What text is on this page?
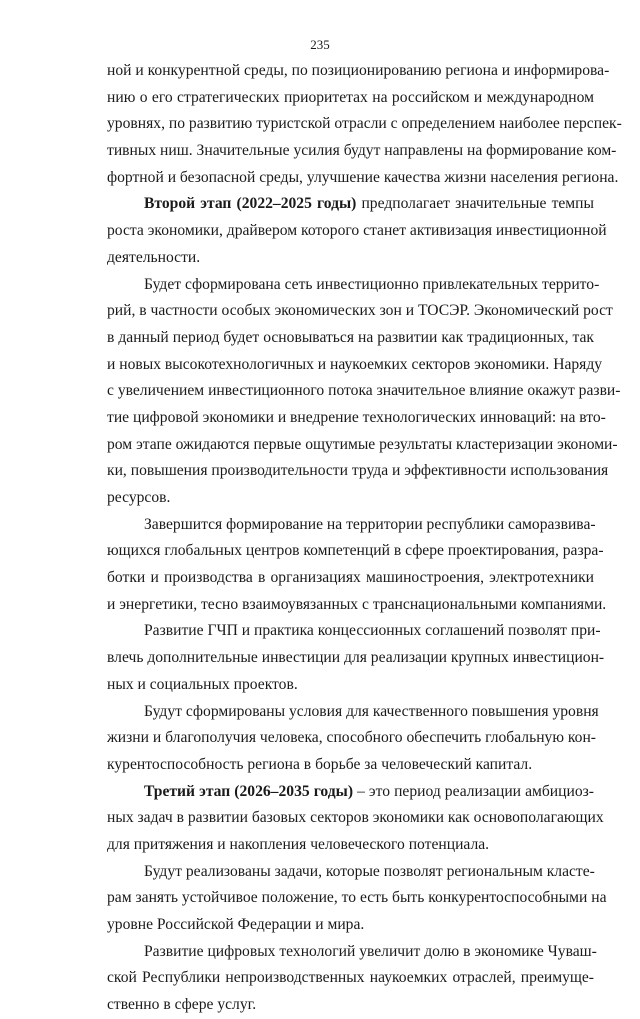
235
ной и конкурентной среды, по позиционированию региона и информирова-
нию о его стратегических приоритетах на российском и международном
уровнях, по развитию туристской отрасли с определением наиболее перспек-
тивных ниш. Значительные усилия будут направлены на формирование ком-
фортной и безопасной среды, улучшение качества жизни населения региона.
Второй этап (2022–2025 годы) предполагает значительные темпы
роста экономики, драйвером которого станет активизация инвестиционной
деятельности.
Будет сформирована сеть инвестиционно привлекательных террито-
рий, в частности особых экономических зон и ТОСЭР. Экономический рост
в данный период будет основываться на развитии как традиционных, так
и новых высокотехнологичных и наукоемких секторов экономики. Наряду
с увеличением инвестиционного потока значительное влияние окажут разви-
тие цифровой экономики и внедрение технологических инноваций: на вто-
ром этапе ожидаются первые ощутимые результаты кластеризации экономи-
ки, повышения производительности труда и эффективности использования
ресурсов.
Завершится формирование на территории республики саморазвива-
ющихся глобальных центров компетенций в сфере проектирования, разра-
ботки и производства в организациях машиностроения, электротехники
и энергетики, тесно взаимоувязанных с транснациональными компаниями.
Развитие ГЧП и практика концессионных соглашений позволят при-
влечь дополнительные инвестиции для реализации крупных инвестицион-
ных и социальных проектов.
Будут сформированы условия для качественного повышения уровня
жизни и благополучия человека, способного обеспечить глобальную кон-
курентоспособность региона в борьбе за человеческий капитал.
Третий этап (2026–2035 годы) – это период реализации амбициоз-
ных задач в развитии базовых секторов экономики как основополагающих
для притяжения и накопления человеческого потенциала.
Будут реализованы задачи, которые позволят региональным класте-
рам занять устойчивое положение, то есть быть конкурентоспособными на
уровне Российской Федерации и мира.
Развитие цифровых технологий увеличит долю в экономике Чуваш-
ской Республики непроизводственных наукоемких отраслей, преимуще-
ственно в сфере услуг.
